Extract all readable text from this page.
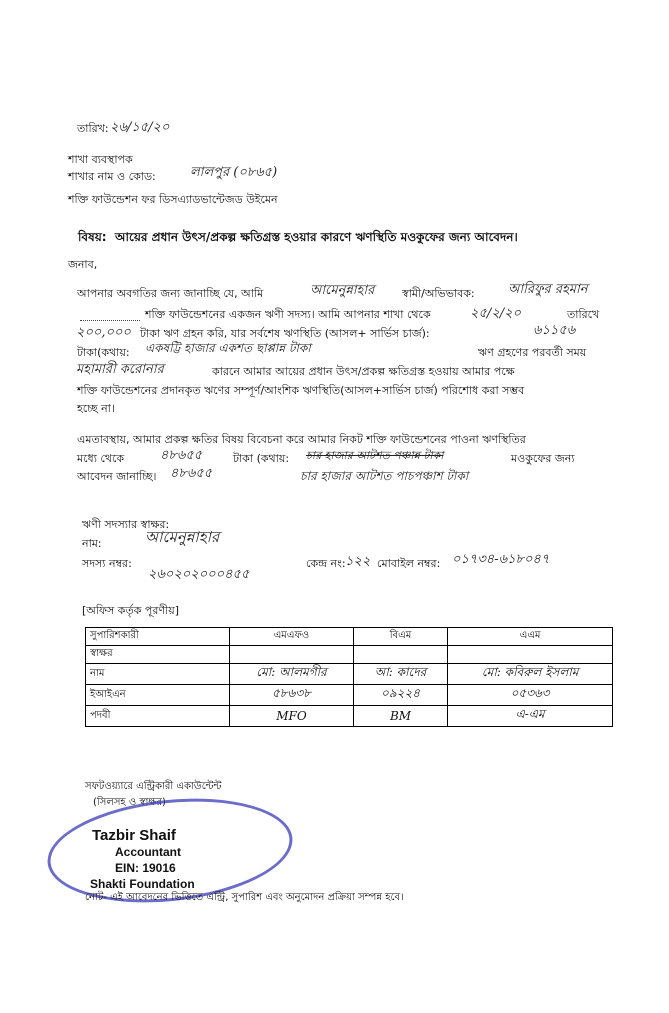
তারিখ: ২৬/১৫/২০
শাখা ব্যবস্থাপক
শাখার নাম ও কোড:	লালপুর (০৮৬৫)
শক্তি ফাউন্ডেশন ফর ডিসএ্যাডভান্টেজড উইমেন
বিষয়: আয়ের প্রধান উৎস/প্রকল্প ক্ষতিগ্রস্ত হওয়ার কারণে ঋণস্থিতি মওকুফের জন্য আবেদন।
জনাব,
আপনার অবগতির জন্য জানাচ্ছি যে, আমি	আমেনুন্নাহার	স্বামী/অভিভাবক:	আরিফুর রহমান
শক্তি ফাউন্ডেশনের একজন ঋণী সদস্য। আমি আপনার শাখা থেকে	২৫/২/২০	তারিখে
২০০,০০০ টাকা ঋণ গ্রহন করি, যার সর্বশেষ ঋণস্থিতি (আসল+ সার্ভিস চার্জ):	৬১১৫৬
টাকা(কথায়: একষট্টি হাজার একশত ছাপ্পান্ন টাকা	ঋণ গ্রহণের পরবর্তী সময়
মহামারী করোনার	কারনে আমার আয়ের প্রধান উৎস/প্রকল্প ক্ষতিগ্রস্ত হওয়ায় আমার পক্ষে
শক্তি ফাউন্ডেশনের প্রদানকৃত ঋণের সম্পূর্ণ/আংশিক ঋণস্থিতি(আসল+সার্ভিস চার্জ) পরিশোধ করা সম্ভব
হচ্ছে না।
এমতাবস্থায়, আমার প্রকল্প ক্ষতির বিষয় বিবেচনা করে আমার নিকট শক্তি ফাউন্ডেশনের পাওনা ঋণস্থিতির
মধ্যে থেকে	৪৮৬৫৫	টাকা (কথায়: চার হাজার আটশত পঞ্চান্ন টাকা	মওকুফের জন্য
আবেদন জানাচ্ছি। ৪৮৬৫৫	চার হাজার আটশত পাচপঞ্চাশ টাকা
ঋণী সদস্যার স্বাক্ষর:
নাম:	আমেনুন্নাহার
সদস্য নম্বর:
২৬০২০২০০০৪৫৫
কেন্দ্র নং: ১২২ মোবাইল নম্বর: ০১৭৩৪-৬১৮০৪৭
[অফিস কর্তৃক পূরণীয়]
সুপারিশকারী	এমএফও	বিএম	এএম
স্বাক্ষর			
নাম	মো: আলমগীর	আ: কাদের	মো: কবিরুল ইসলাম
ইআইএন	৫৮৬৩৮	০৯২২৪	০৫৩৬৩
পদবী	MFO	BM	এ-এম
সফটওয়্যারে এন্ট্রিকারী একাউন্টেন্ট
(সিলসহ ও স্বাক্ষর)
Tazbir Shaif
Accountant
EIN: 19016
Shakti Foundation
নোট- এই আবেদনের ভিত্তিতে এন্ট্রি, সুপারিশ এবং অনুমোদন প্রক্রিয়া সম্পন্ন হবে।
